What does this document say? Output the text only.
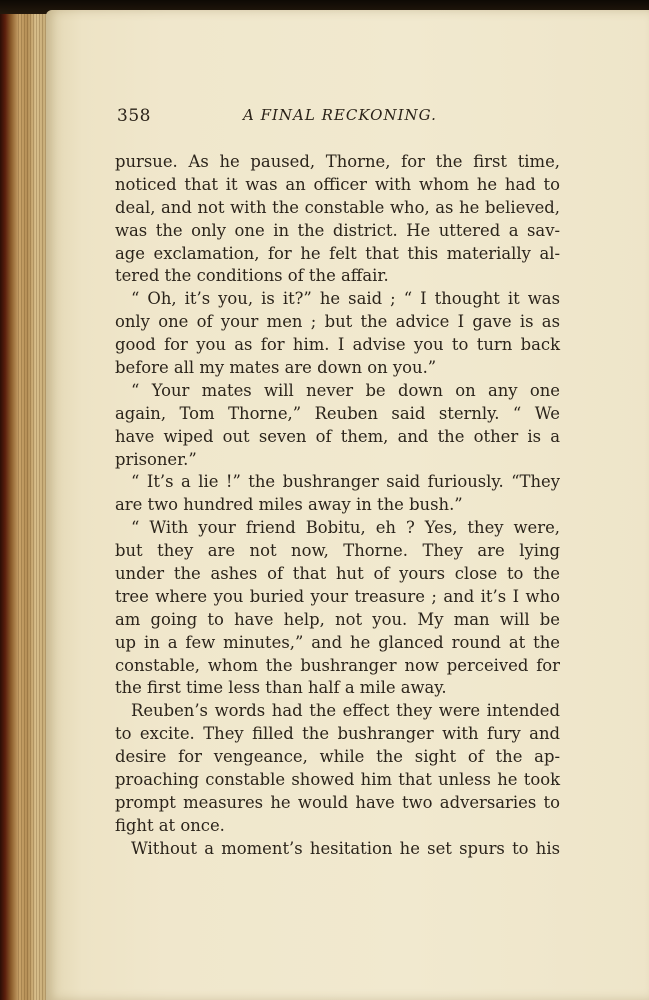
358	A FINAL RECKONING.
pursue. As he paused, Thorne, for the first time,
noticed that it was an officer with whom he had to
deal, and not with the constable who, as he believed,
was the only one in the district. He uttered a sav-
age exclamation, for he felt that this materially al-
tered the conditions of the affair.
“ Oh, it’s you, is it?” he said ; “ I thought it was
only one of your men ; but the advice I gave is as
good for you as for him. I advise you to turn back
before all my mates are down on you.”
“ Your mates will never be down on any one
again, Tom Thorne,” Reuben said sternly. “ We
have wiped out seven of them, and the other is a
prisoner.”
“ It’s a lie !” the bushranger said furiously. “They
are two hundred miles away in the bush.”
“ With your friend Bobitu, eh ? Yes, they were,
but they are not now, Thorne. They are lying
under the ashes of that hut of yours close to the
tree where you buried your treasure ; and it’s I who
am going to have help, not you. My man will be
up in a few minutes,” and he glanced round at the
constable, whom the bushranger now perceived for
the first time less than half a mile away.
Reuben’s words had the effect they were intended
to excite. They filled the bushranger with fury and
desire for vengeance, while the sight of the ap-
proaching constable showed him that unless he took
prompt measures he would have two adversaries to
fight at once.
Without a moment’s hesitation he set spurs to his
